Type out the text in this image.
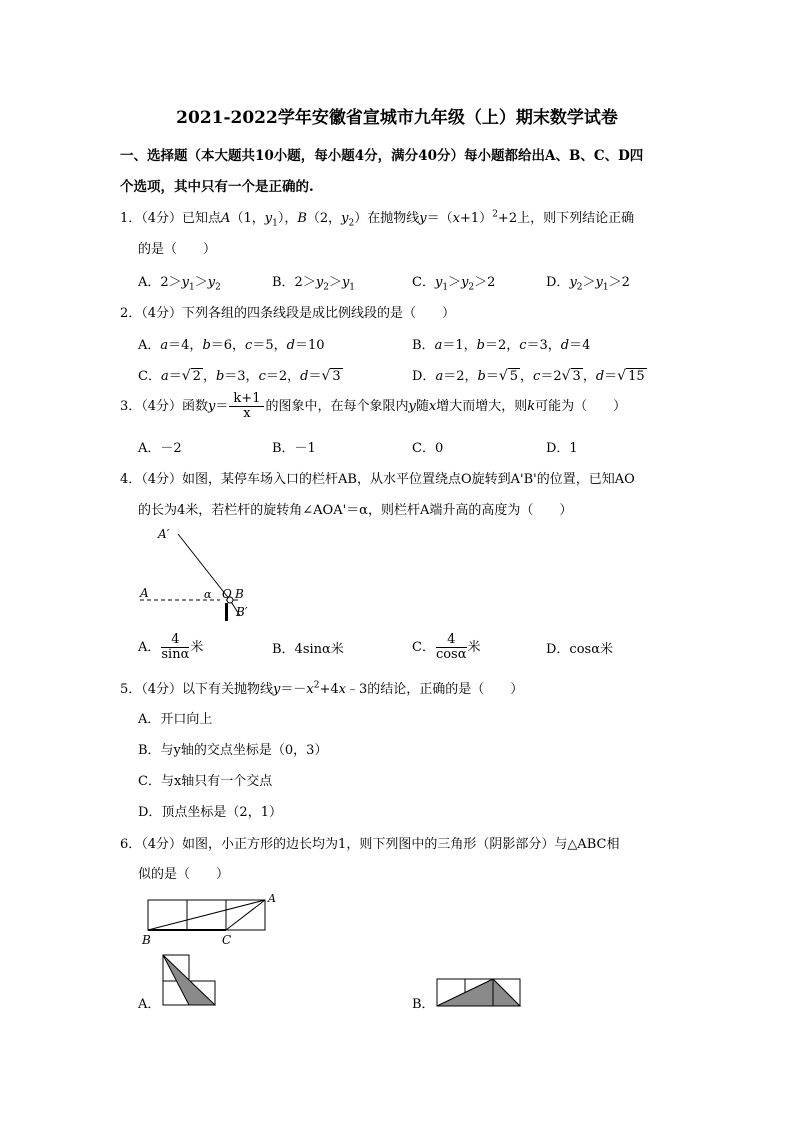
2021-2022学年安徽省宣城市九年级（上）期末数学试卷
一、选择题（本大题共10小题，每小题4分，满分40分）每小题都给出A、B、C、D四
个选项，其中只有一个是正确的.
1．（4分）已知点A（1，$y_1$），B（2，$y_2$）在抛物线$y=(x+1)^2+2$上，则下列结论正确
的是（　　）
A．$2>y_1>y_2$	B．$2>y_2>y_1$	C．$y_1>y_2>2$	D．$y_2>y_1>2$
2．（4分）下列各组的四条线段是成比例线段的是（　　）
A．a＝4，b＝6，c＝5，d＝10	B．a＝1，b＝2，c＝3，d＝4
C．a＝√ 2 ，b＝3，c＝2，d＝√ 3	D．a＝2，b＝√ 5 ，c＝2√ 3 ，d＝√ 15
3．（4分）函数$y= \frac{k+1}{x}$ 的图象中，在每个象限内y随x增大而增大，则k可能为（　　）
A．－2	B．－1	C．0	D．1
4．（4分）如图，某停车场入口的栏杆AB，从水平位置绕点O旋转到A'B'的位置，已知AO
的长为4米，若栏杆的旋转角∠AOA'＝α，则栏杆A端升高的高度为（　　）
A′
A	α O B
B′
A． $\frac{4}{\sin\alpha}$ 米	B．4sinα米	C． $\frac{4}{\cos\alpha}$ 米	D．cosα米
5．（4分）以下有关抛物线$y=-x^2+4x﹣3$的结论，正确的是（　　）
A．开口向上
B．与y轴的交点坐标是（0，3）
C．与x轴只有一个交点
D．顶点坐标是（2，1）
6．（4分）如图，小正方形的边长均为1，则下列图中的三角形（阴影部分）与△ABC相
似的是（　　）
A
B	C
A．	B．
